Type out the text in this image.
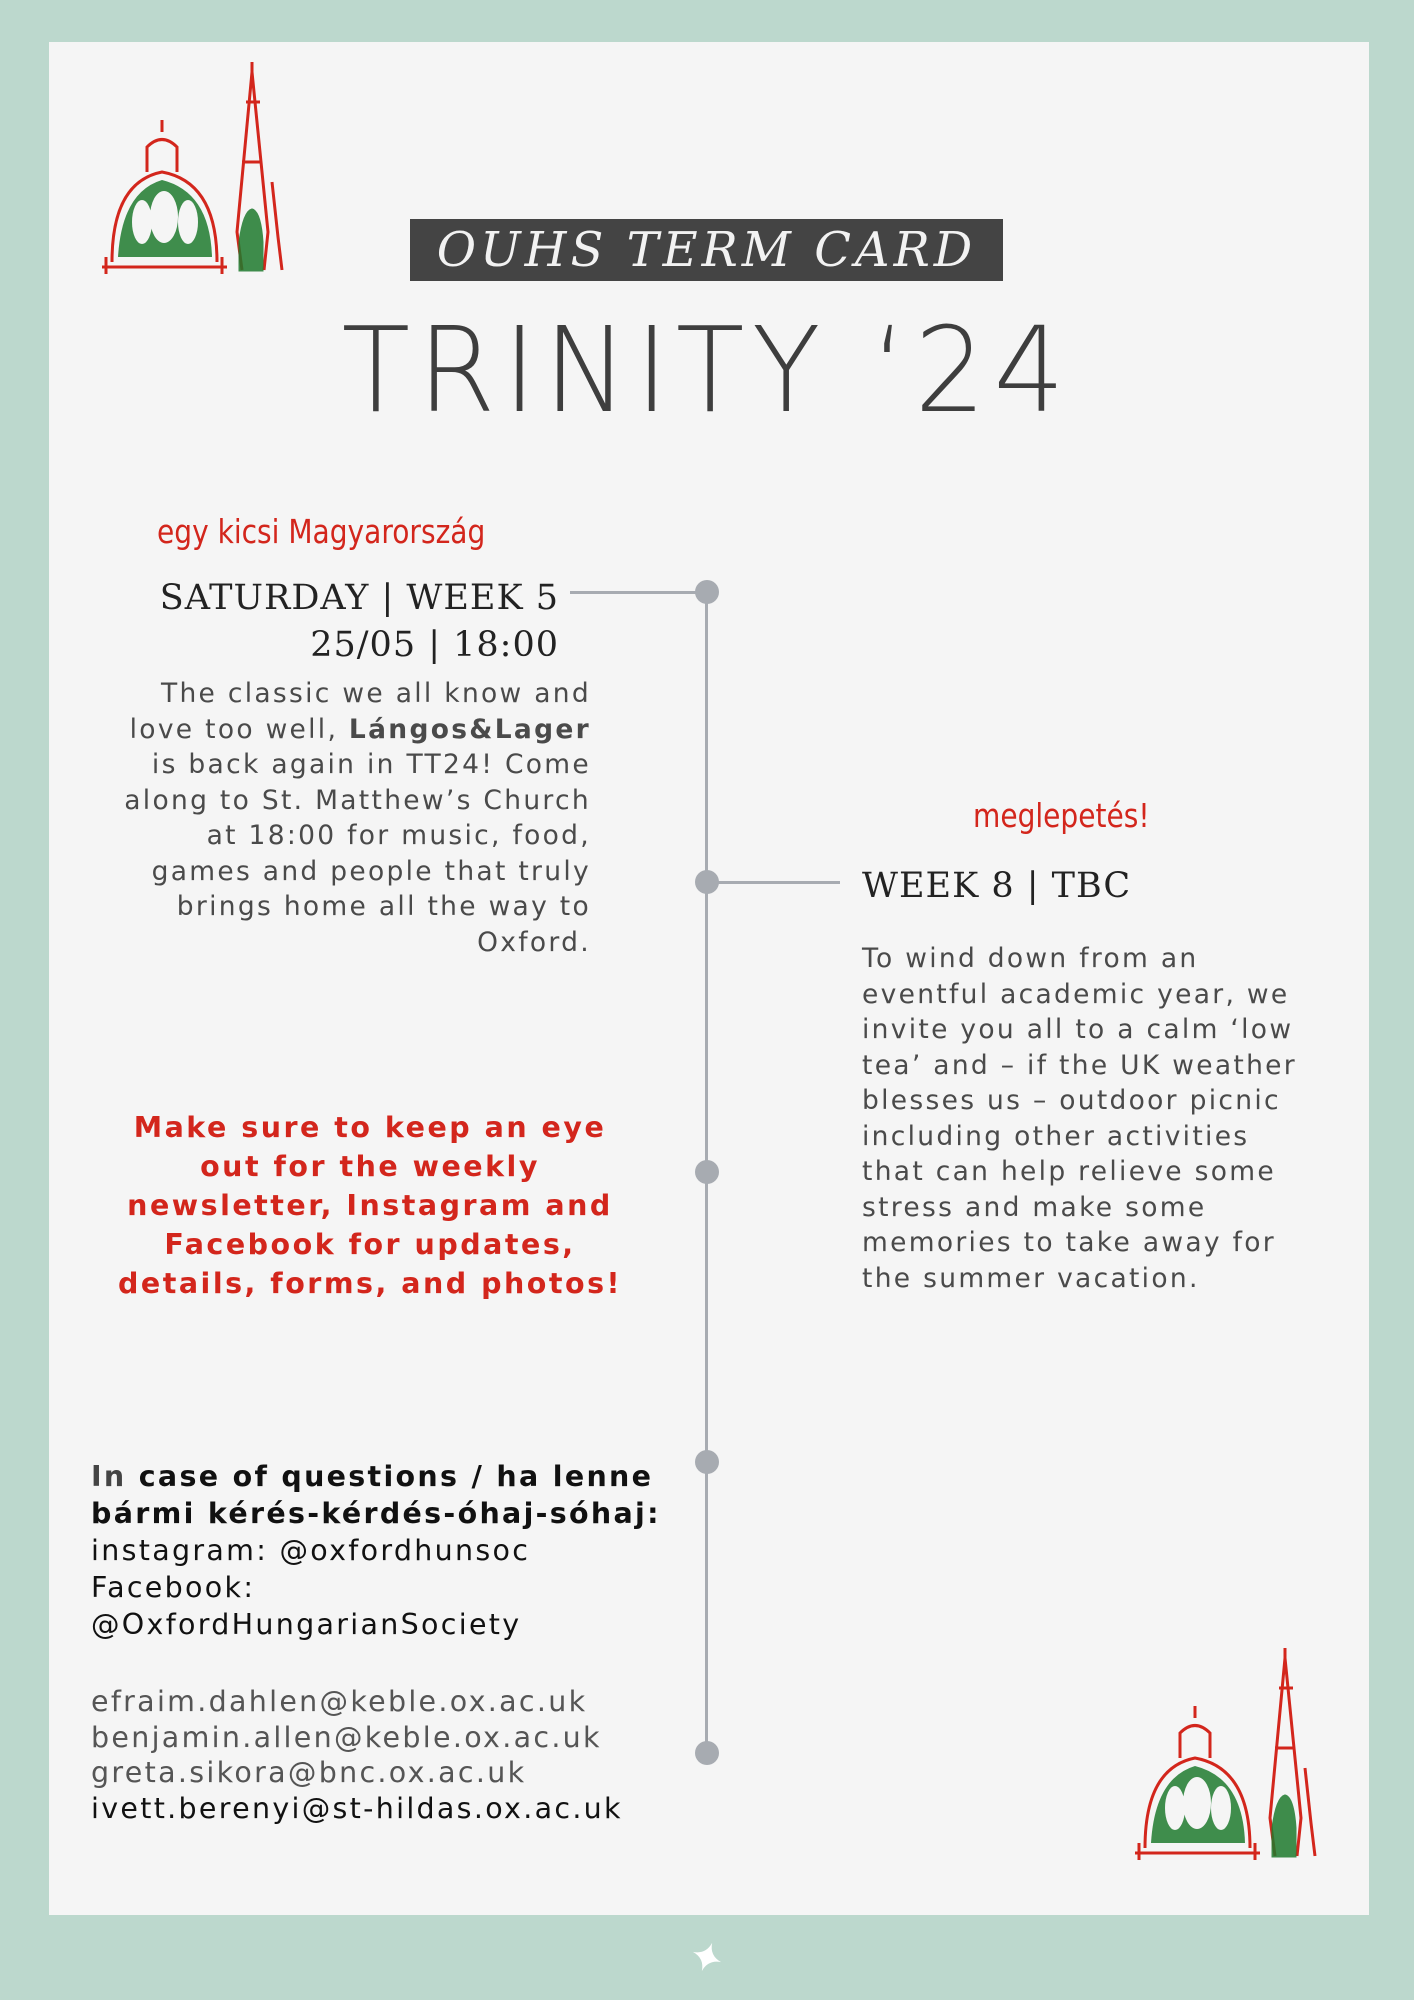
OUHS TERM CARD
TRINITY ‘24
egy kicsi Magyarország
SATURDAY | WEEK 5
25/05 | 18:00
The classic we all know and love too well, Lángos&Lager is back again in TT24! Come along to St. Matthew’s Church at 18:00 for music, food, games and people that truly brings home all the way to Oxford.
meglepetés!
WEEK 8 | TBC
To wind down from an eventful academic year, we invite you all to a calm ‘low tea’ and – if the UK weather blesses us – outdoor picnic including other activities that can help relieve some stress and make some memories to take away for the summer vacation.
Make sure to keep an eye out for the weekly newsletter, Instagram and Facebook for updates, details, forms, and photos!
In case of questions / ha lenne bármi kérés-kérdés-óhaj-sóhaj:
instagram: @oxfordhunsoc
Facebook:
@OxfordHungarianSociety
efraim.dahlen@keble.ox.ac.uk
benjamin.allen@keble.ox.ac.uk
greta.sikora@bnc.ox.ac.uk
ivett.berenyi@st-hildas.ox.ac.uk
